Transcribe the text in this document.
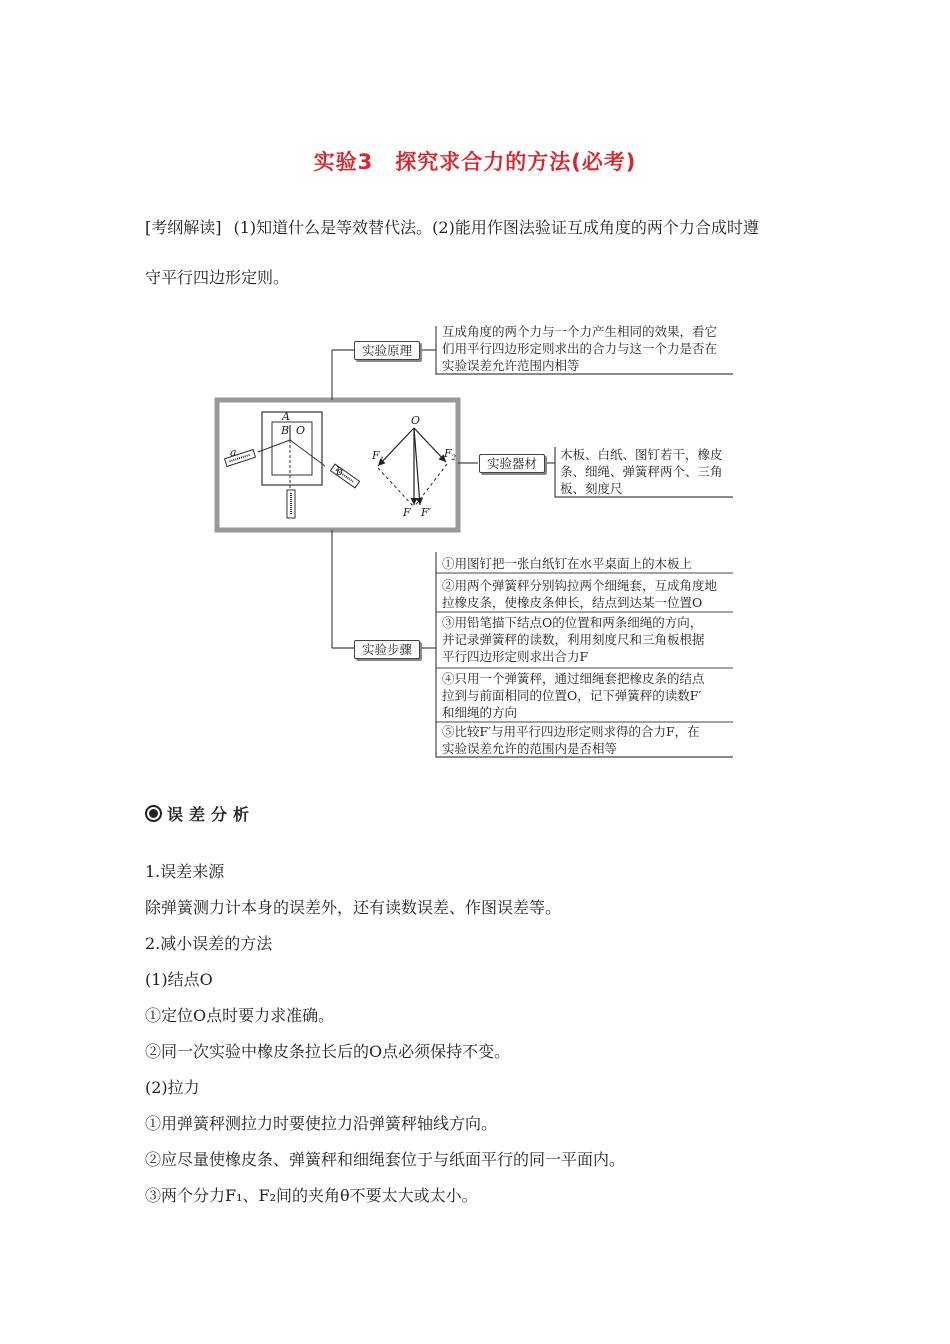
实验3　探究求合力的方法(必考)
[考纲解读] (1)知道什么是等效替代法。(2)能用作图法验证互成角度的两个力合成时遵
守平行四边形定则。
A
B O
a
b
O
$F_1$
$F_2$
F F′
实验原理
实验器材
实验步骤
互成角度的两个力与一个力产生相同的效果，看它
们用平行四边形定则求出的合力与这一个力是否在
实验误差允许范围内相等
木板、白纸、图钉若干，橡皮
条、细绳、弹簧秤两个、三角
板、刻度尺
①用图钉把一张白纸钉在水平桌面上的木板上
②用两个弹簧秤分别钩拉两个细绳套，互成角度地
拉橡皮条，使橡皮条伸长，结点到达某一位置O
③用铅笔描下结点O的位置和两条细绳的方向，
并记录弹簧秤的读数，利用刻度尺和三角板根据
平行四边形定则求出合力F
④只用一个弹簧秤，通过细绳套把橡皮条的结点
拉到与前面相同的位置O，记下弹簧秤的读数F′
和细绳的方向
⑤比较F′与用平行四边形定则求得的合力F，在
实验误差允许的范围内是否相等
误差分析
1.误差来源
除弹簧测力计本身的误差外，还有读数误差、作图误差等。
2.减小误差的方法
(1)结点O
①定位O点时要力求准确。
②同一次实验中橡皮条拉长后的O点必须保持不变。
(2)拉力
①用弹簧秤测拉力时要使拉力沿弹簧秤轴线方向。
②应尽量使橡皮条、弹簧秤和细绳套位于与纸面平行的同一平面内。
③两个分力F₁、F₂间的夹角θ不要太大或太小。
